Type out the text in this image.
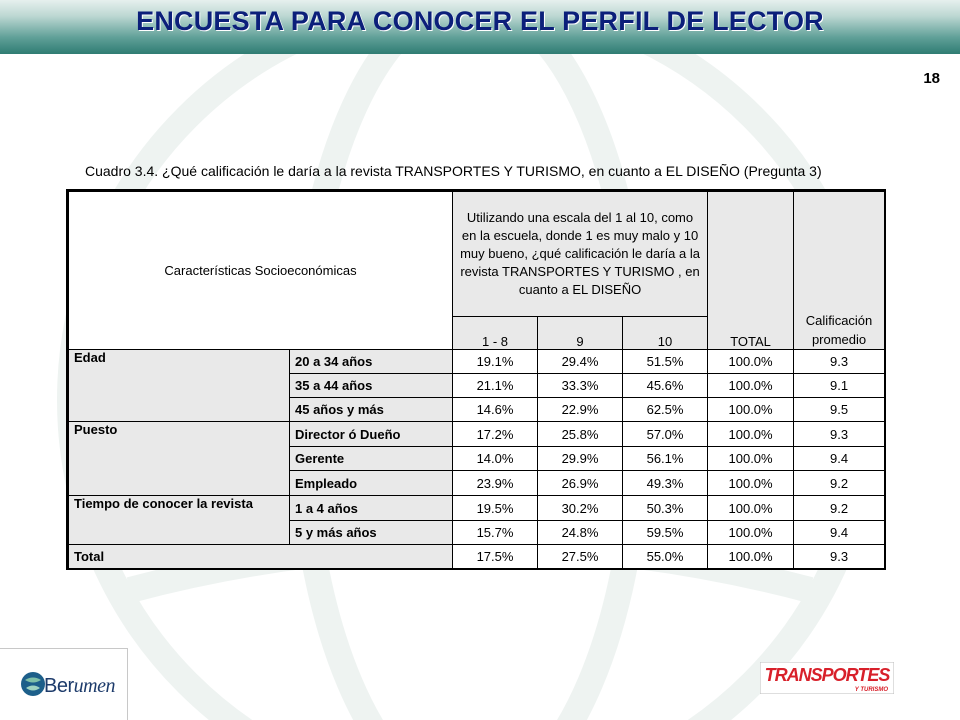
ENCUESTA PARA CONOCER EL PERFIL DE LECTOR
18
Cuadro 3.4. ¿Qué calificación le daría a la revista TRANSPORTES Y TURISMO, en cuanto a EL DISEÑO (Pregunta 3)
Características Socioeconómicas		Utilizando una escala del 1 al 10, como en la escuela, donde 1 es muy malo y 10 muy bueno, ¿qué calificación le daría a la revista TRANSPORTES Y TURISMO , en cuanto a EL DISEÑO			TOTAL	Calificación promedio
		1 - 8	9	10		
Edad	20 a 34 años	19.1%	29.4%	51.5%	100.0%	9.3
	35 a 44 años	21.1%	33.3%	45.6%	100.0%	9.1
	45 años y más	14.6%	22.9%	62.5%	100.0%	9.5
Puesto	Director ó Dueño	17.2%	25.8%	57.0%	100.0%	9.3
	Gerente	14.0%	29.9%	56.1%	100.0%	9.4
	Empleado	23.9%	26.9%	49.3%	100.0%	9.2
Tiempo de conocer la revista	1 a 4 años	19.5%	30.2%	50.3%	100.0%	9.2
	5 y más años	15.7%	24.8%	59.5%	100.0%	9.4
Total		17.5%	27.5%	55.0%	100.0%	9.3
Berumen	TRANSPORTES
Y TURISMO
